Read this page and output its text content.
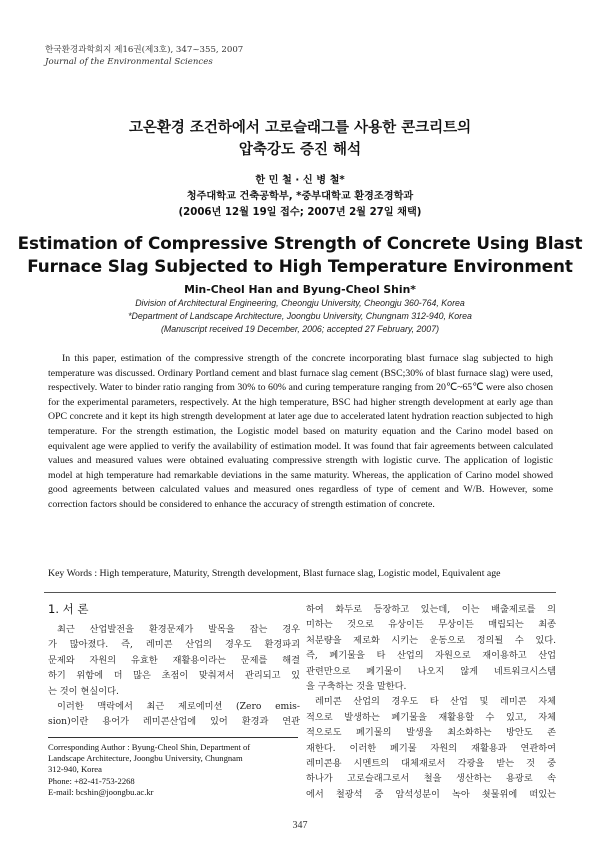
한국환경과학회지 제16권(제3호), 347~355, 2007
Journal of the Environmental Sciences
고온환경 조건하에서 고로슬래그를 사용한 콘크리트의
압축강도 증진 해석
한 민 철 · 신 병 철*
청주대학교 건축공학부, *중부대학교 환경조경학과
(2006년 12월 19일 접수; 2007년 2월 27일 채택)
Estimation of Compressive Strength of Concrete Using Blast
Furnace Slag Subjected to High Temperature Environment
Min-Cheol Han and Byung-Cheol Shin*
Division of Architectural Engineering, Cheongju University, Cheongju 360-764, Korea
*Department of Landscape Architecture, Joongbu University, Chungnam 312-940, Korea
(Manuscript received 19 December, 2006; accepted 27 February, 2007)

In this paper, estimation of the compressive strength of the concrete incorporating blast furnace slag subjected to high temperature was discussed. Ordinary Portland cement and blast furnace slag cement (BSC;30% of blast furnace slag) were used, respectively. Water to binder ratio ranging from 30% to 60% and curing temperature ranging from 20℃~65℃ were also chosen for the experimental parameters, respectively. At the high temperature, BSC had higher strength development at early age than OPC concrete and it kept its high strength development at later age due to accelerated latent hydration reaction subjected to high temperature. For the strength estimation, the Logistic model based on maturity equation and the Carino model based on equivalent age were applied to verify the availability of estimation model. It was found that fair agreements between calculated values and measured values were obtained evaluating compressive strength with logistic curve. The application of logistic model at high temperature had remarkable deviations in the same maturity. Whereas, the application of Carino model showed good agreements between calculated values and measured ones regardless of type of cement and W/B. However, some correction factors should be considered to enhance the accuracy of strength estimation of concrete.

Key Words : High temperature, Maturity, Strength development, Blast furnace slag, Logistic model, Equivalent age
1. 서 론
최근 산업발전을 환경문제가 발목을 잡는 경우
가 많아졌다. 즉, 레미콘 산업의 경우도 환경파괴
문제와 자원의 유효한 재활용이라는 문제를 해결
하기 위함에 더 많은 초점이 맞춰져서 관리되고 있
는 것이 현실이다.
이러한 맥락에서 최근 제로에미션 (Zero emis-
sion)이란 용어가 레미콘산업에 있어 환경과 연관
하여 화두로 등장하고 있는데, 이는 배출제로를 의
미하는 것으로 유상이든 무상이든 매립되는 최종
처분량을 제로화 시키는 운동으로 정의될 수 있다.
즉, 폐기물을 타 산업의 자원으로 재이용하고 산업
관련만으로 폐기물이 나오지 않게 네트워크시스템
을 구축하는 것을 말한다.
레미콘 산업의 경우도 타 산업 및 레미콘 자체
적으로 발생하는 폐기물을 재활용할 수 있고, 자체
적으로도 폐기물의 발생을 최소화하는 방안도 존
재한다. 이러한 폐기물 자원의 재활용과 연관하여
레미콘용 시멘트의 대체재로서 각광을 받는 것 중
하나가 고로슬래그로서 철을 생산하는 용광로 속
에서 철광석 중 암석성분이 녹아 쇳물위에 떠있는
Corresponding Author : Byung-Cheol Shin, Department of
Landscape Architecture, Joongbu University, Chungnam
312-940, Korea
Phone: +82-41-753-2268
E-mail: bcshin@joongbu.ac.kr
347
